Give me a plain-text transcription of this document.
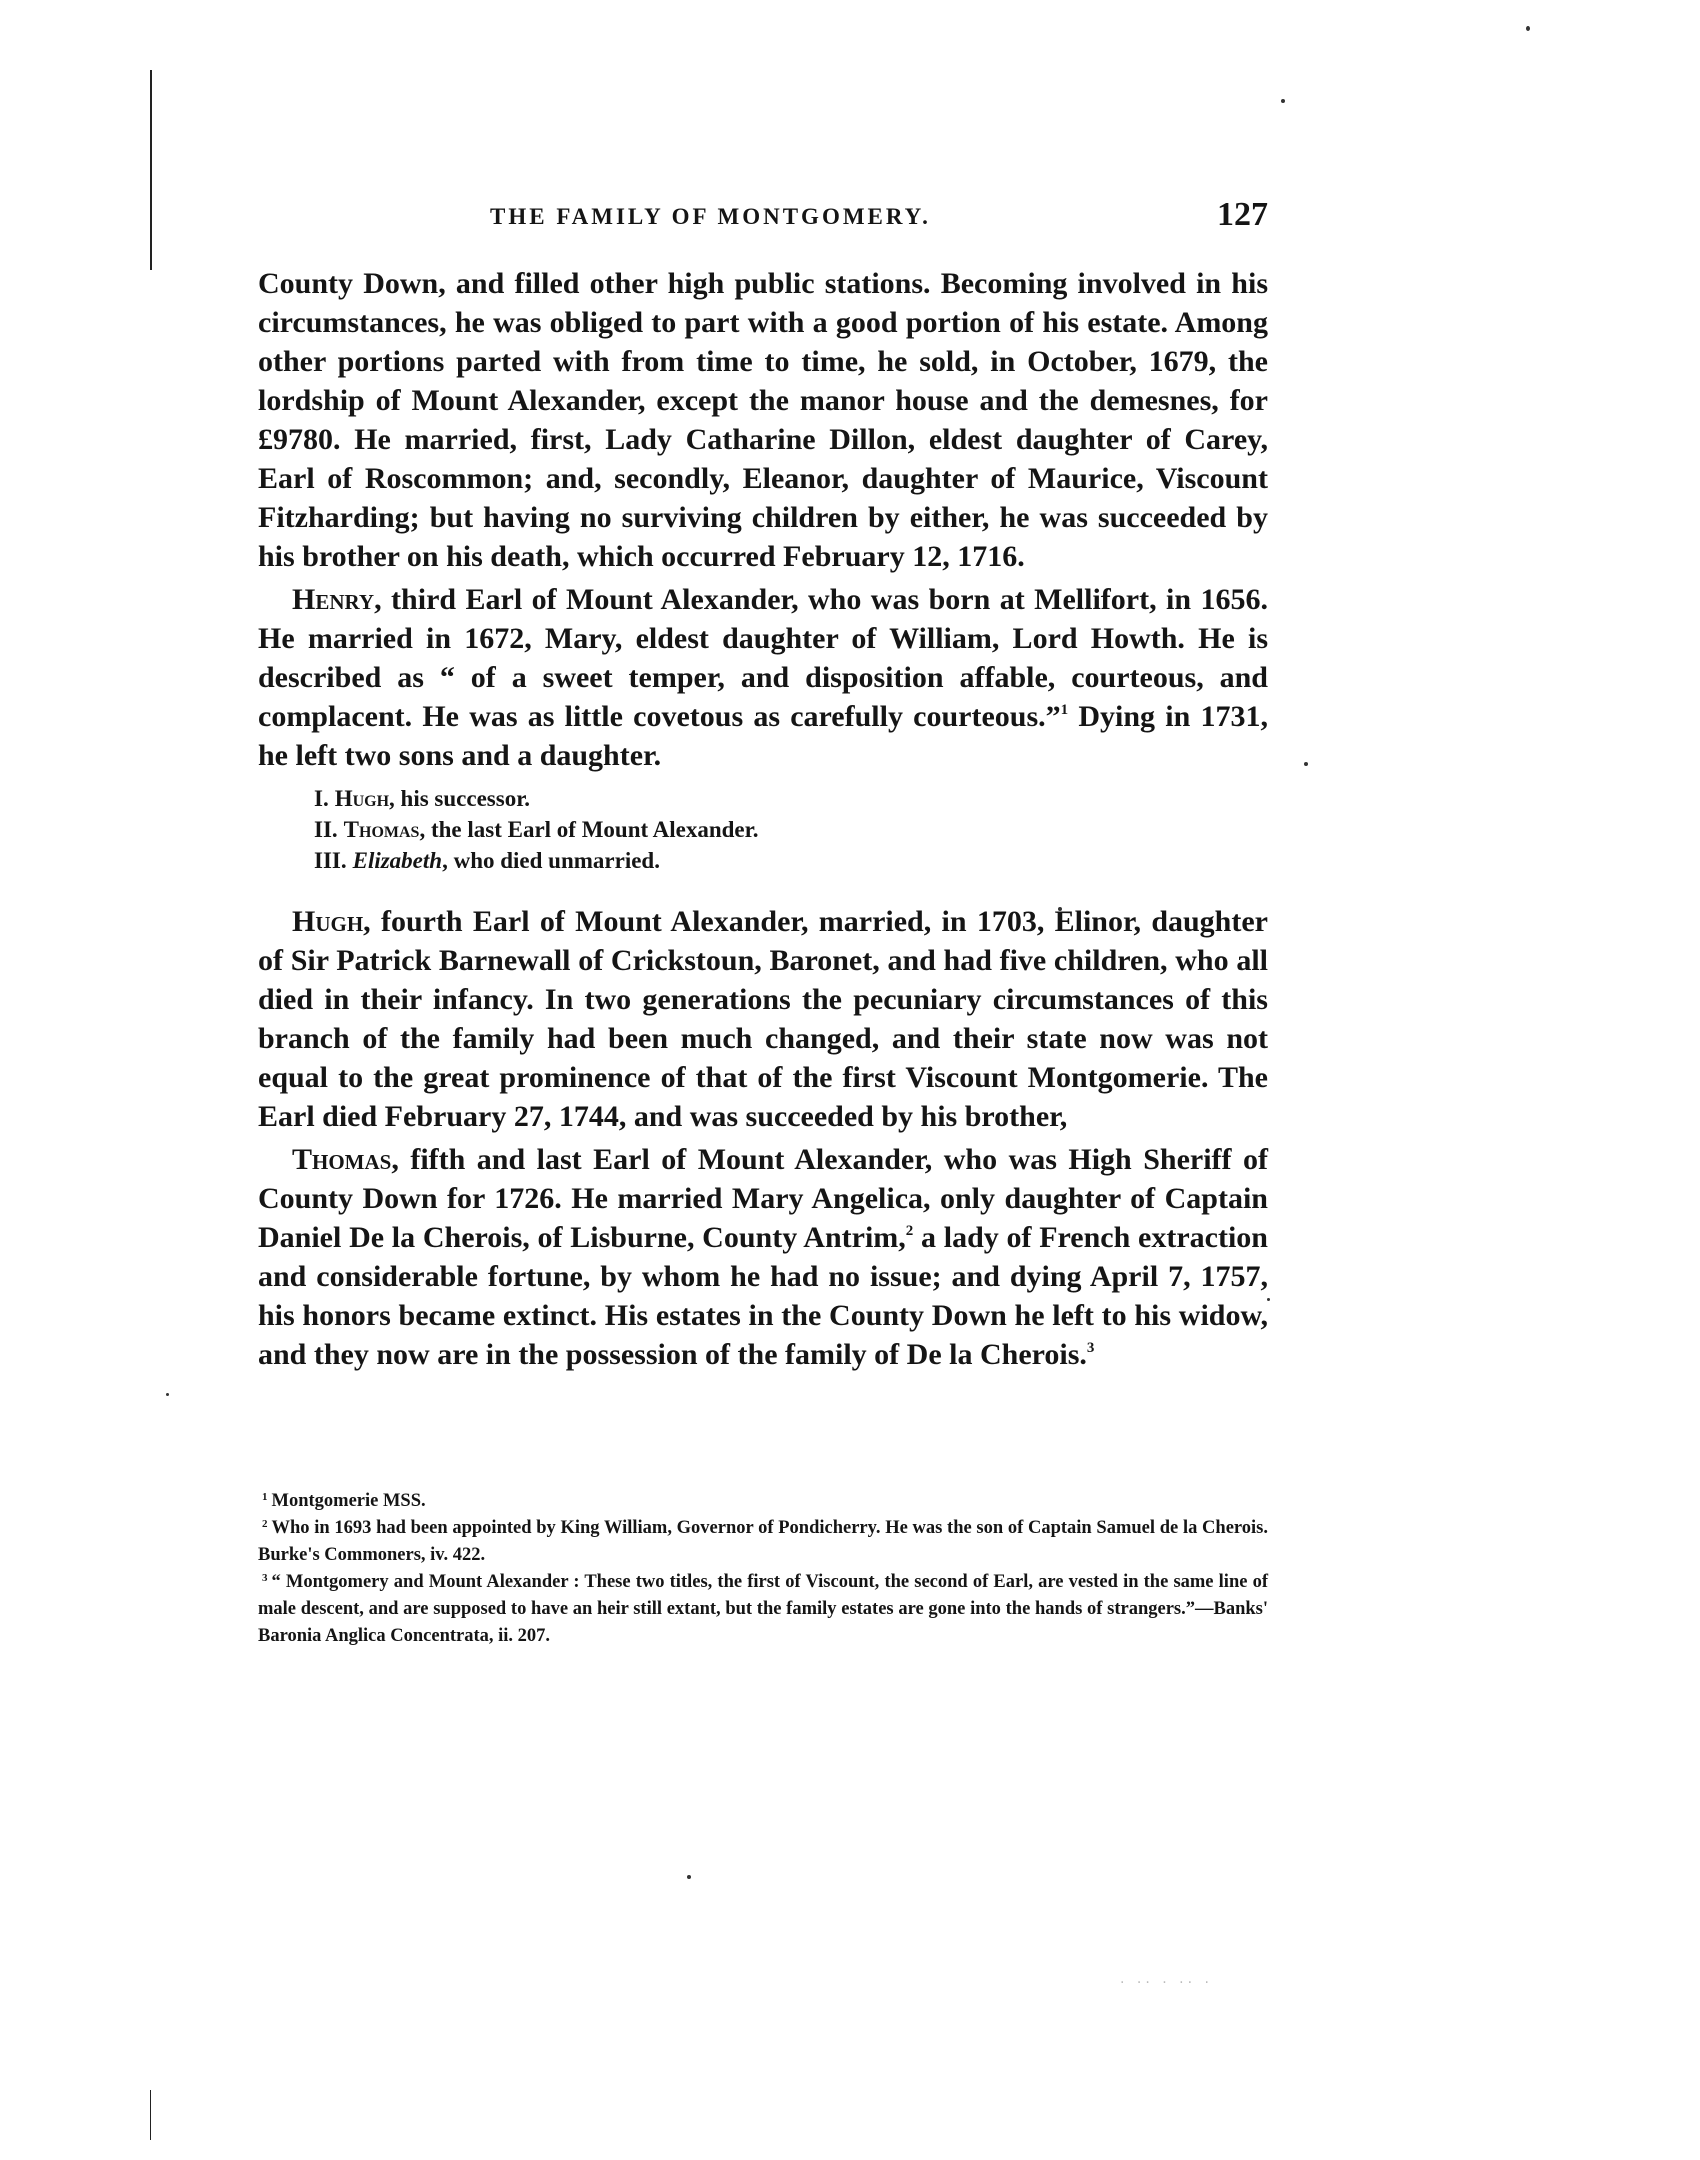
THE FAMILY OF MONTGOMERY.	127

County Down, and filled other high public stations. Becoming involved in his circumstances, he was obliged to part with a good portion of his estate. Among other portions parted with from time to time, he sold, in October, 1679, the lordship of Mount Alexander, except the manor house and the demesnes, for £9780. He married, first, Lady Catharine Dillon, eldest daughter of Carey, Earl of Roscommon; and, secondly, Eleanor, daughter of Maurice, Viscount Fitzharding; but having no surviving children by either, he was succeeded by his brother on his death, which occurred February 12, 1716.

Henry, third Earl of Mount Alexander, who was born at Mellifort, in 1656. He married in 1672, Mary, eldest daughter of William, Lord Howth. He is described as “ of a sweet temper, and disposition affable, courteous, and complacent. He was as little covetous as carefully courteous.”$^1$ Dying in 1731, he left two sons and a daughter.

I. Hugh, his successor.
II. Thomas, the last Earl of Mount Alexander.
III. Elizabeth, who died unmarried.

Hugh, fourth Earl of Mount Alexander, married, in 1703, Elinor, daughter of Sir Patrick Barnewall of Crickstoun, Baronet, and had five children, who all died in their infancy. In two generations the pecuniary circumstances of this branch of the family had been much changed, and their state now was not equal to the great prominence of that of the first Viscount Montgomerie. The Earl died February 27, 1744, and was succeeded by his brother,

Thomas, fifth and last Earl of Mount Alexander, who was High Sheriff of County Down for 1726. He married Mary Angelica, only daughter of Captain Daniel De la Cherois, of Lisburne, County Antrim,$^2$ a lady of French extraction and considerable fortune, by whom he had no issue; and dying April 7, 1757, his honors became extinct. His estates in the County Down he left to his widow, and they now are in the possession of the family of De la Cherois.$^3$

$^1$ Montgomerie MSS.

$^2$ Who in 1693 had been appointed by King William, Governor of Pondicherry. He was the son of Captain Samuel de la Cherois. Burke's Commoners, iv. 422.

$^3$ “ Montgomery and Mount Alexander : These two titles, the first of Viscount, the second of Earl, are vested in the same line of male descent, and are supposed to have an heir still extant, but the family estates are gone into the hands of strangers.”—Banks' Baronia Anglica Concentrata, ii. 207.

· ·· · ·· ·
